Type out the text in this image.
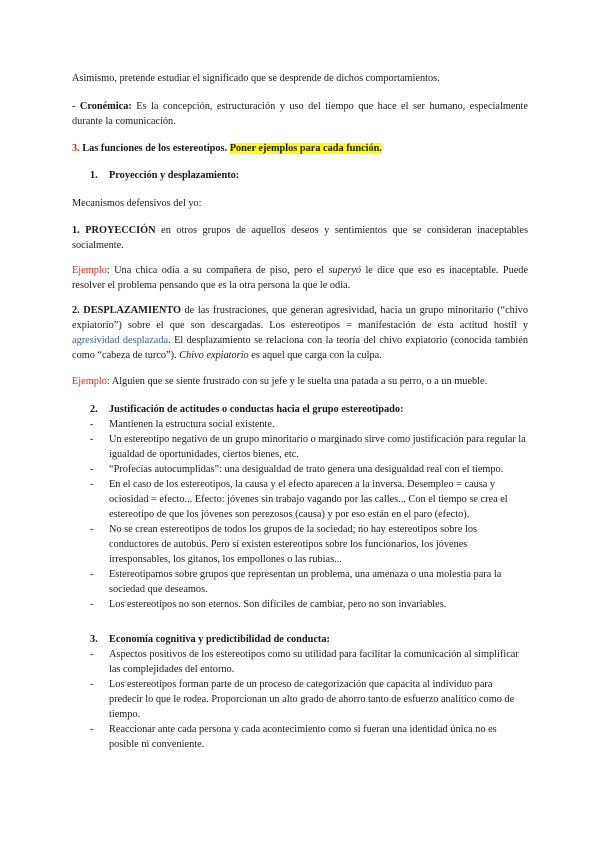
Asimismo, pretende estudiar el significado que se desprende de dichos comportamientos.

- Cronémica: Es la concepción, estructuración y uso del tiempo que hace el ser humano, especialmente durante la comunicación.

3. Las funciones de los estereotipos. Poner ejemplos para cada función.

1. Proyección y desplazamiento:

Mecanismos defensivos del yo:

1. PROYECCIÓN en otros grupos de aquellos deseos y sentimientos que se consideran inaceptables socialmente.

Ejemplo: Una chica odia a su compañera de piso, pero el superyó le dice que eso es inaceptable. Puede resolver el problema pensando que es la otra persona la que le odia.

2. DESPLAZAMIENTO de las frustraciones, que generan agresividad, hacia un grupo minoritario (“chivo expiatorio”) sobre el que son descargadas. Los estereotipos = manifestación de esta actitud hostil y agresividad desplazada. El desplazamiento se relaciona con la teoría del chivo expiatorio (conocida también como “cabeza de turco”). Chivo expiatorio es aquel que carga con la culpa.

Ejemplo: Alguien que se siente frustrado con su jefe y le suelta una patada a su perro, o a un mueble.

2. Justificación de actitudes o conductas hacia el grupo estereotipado:

- Mantienen la estructura social existente.
- Un estereotipo negativo de un grupo minoritario o marginado sirve como justificación para regular la igualdad de oportunidades, ciertos bienes, etc.
- “Profecías autocumplidas”: una desigualdad de trato genera una desigualdad real con el tiempo.
- En el caso de los estereotipos, la causa y el efecto aparecen a la inversa. Desempleo = causa y ociosidad = efecto... Efecto: jóvenes sin trabajo vagando por las calles... Con el tiempo se crea el estereotipo de que los jóvenes son perezosos (causa) y por eso están en el paro (efecto).
- No se crean estereotipos de todos los grupos de la sociedad; no hay estereotipos sobre los conductores de autobús. Pero sí existen estereotipos sobre los funcionarios, los jóvenes irresponsables, los gitanos, los empollones o las rubias...
- Estereotipamos sobre grupos que representan un problema, una amenaza o una molestia para la sociedad que deseamos.
- Los estereotipos no son eternos. Son difíciles de cambiar, pero no son invariables.
3. Economía cognitiva y predictibilidad de conducta:

- Aspectos positivos de los estereotipos como su utilidad para facilitar la comunicación al simplificar las complejidades del entorno.
- Los estereotipos forman parte de un proceso de categorización que capacita al individuo para predecir lo que le rodea. Proporcionan un alto grado de ahorro tanto de esfuerzo analítico como de tiempo.
- Reaccionar ante cada persona y cada acontecimiento como si fueran una identidad única no es posible ni conveniente.
